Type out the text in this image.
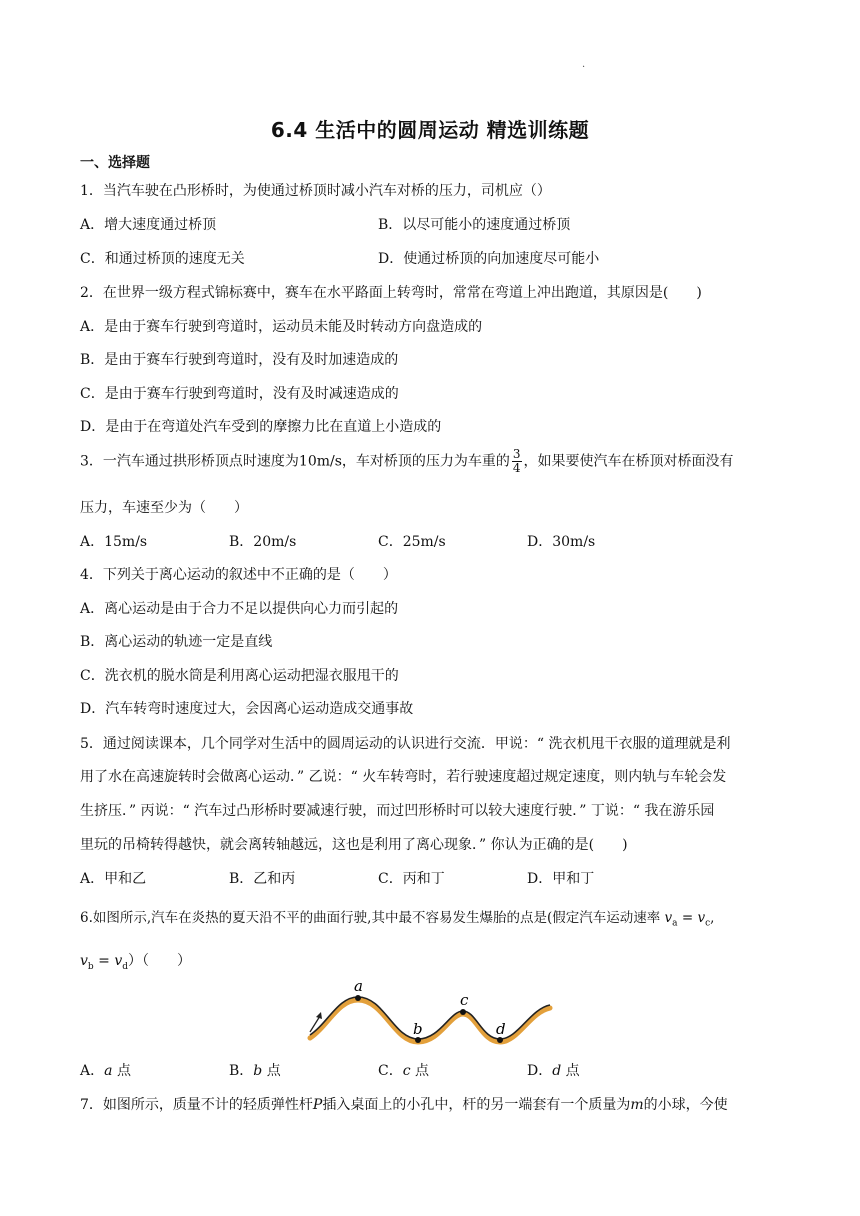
·
6.4 生活中的圆周运动 精选训练题
一、选择题
1．当汽车驶在凸形桥时，为使通过桥顶时减小汽车对桥的压力，司机应（）
A．增大速度通过桥顶	B．以尽可能小的速度通过桥顶
C．和通过桥顶的速度无关	D．使通过桥顶的向加速度尽可能小
2．在世界一级方程式锦标赛中，赛车在水平路面上转弯时，常常在弯道上冲出跑道，其原因是(　　)
A．是由于赛车行驶到弯道时，运动员未能及时转动方向盘造成的
B．是由于赛车行驶到弯道时，没有及时加速造成的
C．是由于赛车行驶到弯道时，没有及时减速造成的
D．是由于在弯道处汽车受到的摩擦力比在直道上小造成的
3．一汽车通过拱形桥顶点时速度为10m/s，车对桥顶的压力为车重的 $\frac{3}{4}$ ，如果要使汽车在桥顶对桥面没有
压力，车速至少为（　　）
A．15m/s	B．20m/s	C．25m/s	D．30m/s
4．下列关于离心运动的叙述中不正确的是（　　）
A．离心运动是由于合力不足以提供向心力而引起的
B．离心运动的轨迹一定是直线
C．洗衣机的脱水筒是利用离心运动把湿衣服甩干的
D．汽车转弯时速度过大，会因离心运动造成交通事故
5．通过阅读课本，几个同学对生活中的圆周运动的认识进行交流．甲说：“ 洗衣机甩干衣服的道理就是利
用了水在高速旋转时会做离心运动．” 乙说：“ 火车转弯时，若行驶速度超过规定速度，则内轨与车轮会发
生挤压．” 丙说：“ 汽车过凸形桥时要减速行驶，而过凹形桥时可以较大速度行驶．” 丁说：“ 我在游乐园
里玩的吊椅转得越快，就会离转轴越远，这也是利用了离心现象．” 你认为正确的是(　　)
A．甲和乙	B．乙和丙	C．丙和丁	D．甲和丁
6.如图所示,汽车在炎热的夏天沿不平的曲面行驶,其中最不容易发生爆胎的点是(假定汽车运动速率 $v_a = v_c$,
$v_b = v_d$）（　　）
a
b
c
d
A．a 点	B．b 点	C．c 点	D．d 点
7．如图所示，质量不计的轻质弹性杆P插入桌面上的小孔中，杆的另一端套有一个质量为m的小球，今使
